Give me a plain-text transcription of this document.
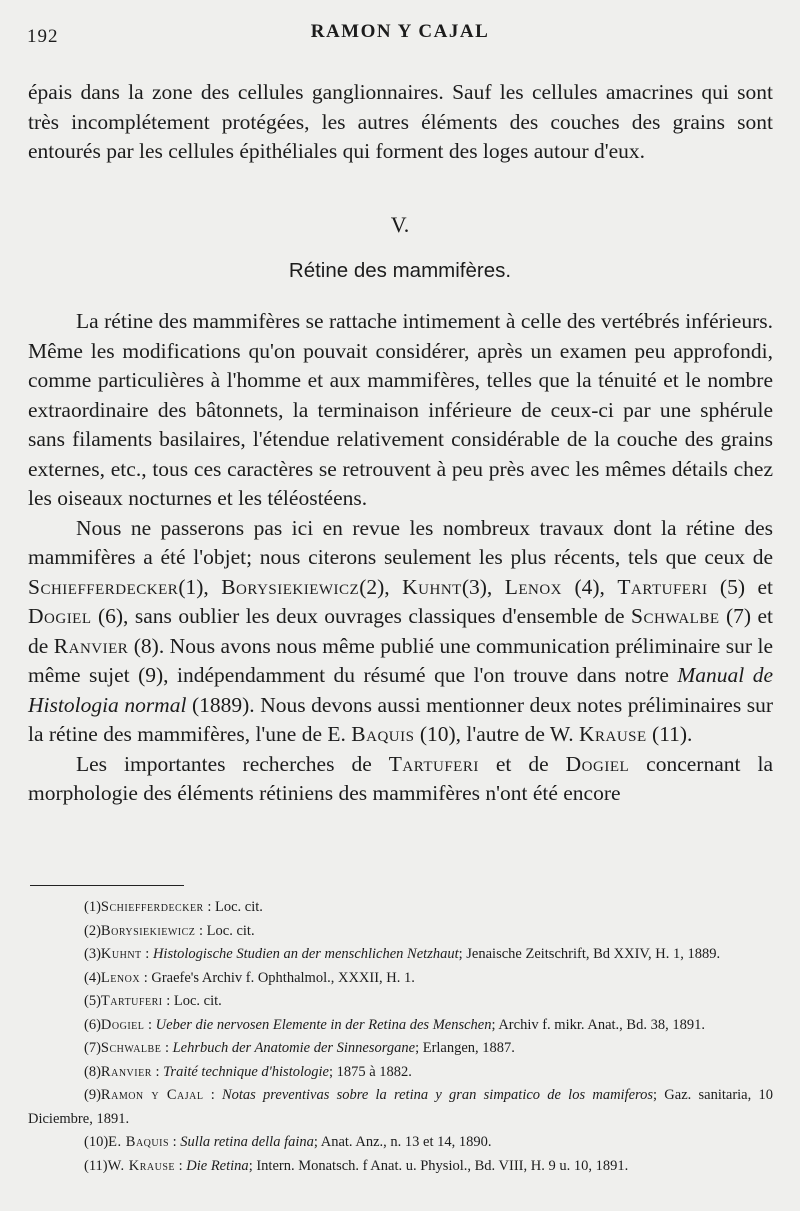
192	RAMON Y CAJAL

épais dans la zone des cellules ganglionnaires. Sauf les cellules amacrines qui sont très incomplétement protégées, les autres éléments des couches des grains sont entourés par les cellules épithéliales qui forment des loges autour d'eux.

V.
Rétine des mammifères.

La rétine des mammifères se rattache intimement à celle des vertébrés inférieurs. Même les modifications qu'on pouvait considérer, après un examen peu approfondi, comme particulières à l'homme et aux mammifères, telles que la ténuité et le nombre extraordinaire des bâtonnets, la terminaison inférieure de ceux-ci par une sphérule sans filaments basilaires, l'étendue relativement considérable de la couche des grains externes, etc., tous ces caractères se retrouvent à peu près avec les mêmes détails chez les oiseaux nocturnes et les téléostéens.

Nous ne passerons pas ici en revue les nombreux travaux dont la rétine des mammifères a été l'objet; nous citerons seulement les plus récents, tels que ceux de Schiefferdecker(1), Borysiekiewicz(2), Kuhnt(3), Lenox (4), Tartuferi (5) et Dogiel (6), sans oublier les deux ouvrages classiques d'ensemble de Schwalbe (7) et de Ranvier (8). Nous avons nous même publié une communication préliminaire sur le même sujet (9), indépendamment du résumé que l'on trouve dans notre Manual de Histologia normal (1889). Nous devons aussi mentionner deux notes préliminaires sur la rétine des mammifères, l'une de E. Baquis (10), l'autre de W. Krause (11).

Les importantes recherches de Tartuferi et de Dogiel concernant la morphologie des éléments rétiniens des mammifères n'ont été encore

(1)Schiefferdecker : Loc. cit.

(2)Borysiekiewicz : Loc. cit.

(3)Kuhnt : Histologische Studien an der menschlichen Netzhaut; Jenaische Zeitschrift, Bd XXIV, H. 1, 1889.

(4)Lenox : Graefe's Archiv f. Ophthalmol., XXXII, H. 1.

(5)Tartuferi : Loc. cit.

(6)Dogiel : Ueber die nervosen Elemente in der Retina des Menschen; Archiv f. mikr. Anat., Bd. 38, 1891.

(7)Schwalbe : Lehrbuch der Anatomie der Sinnesorgane; Erlangen, 1887.

(8)Ranvier : Traité technique d'histologie; 1875 à 1882.

(9)Ramon y Cajal : Notas preventivas sobre la retina y gran simpatico de los mamiferos; Gaz. sanitaria, 10 Diciembre, 1891.

(10)E. Baquis : Sulla retina della faina; Anat. Anz., n. 13 et 14, 1890.

(11)W. Krause : Die Retina; Intern. Monatsch. f Anat. u. Physiol., Bd. VIII, H. 9 u. 10, 1891.
